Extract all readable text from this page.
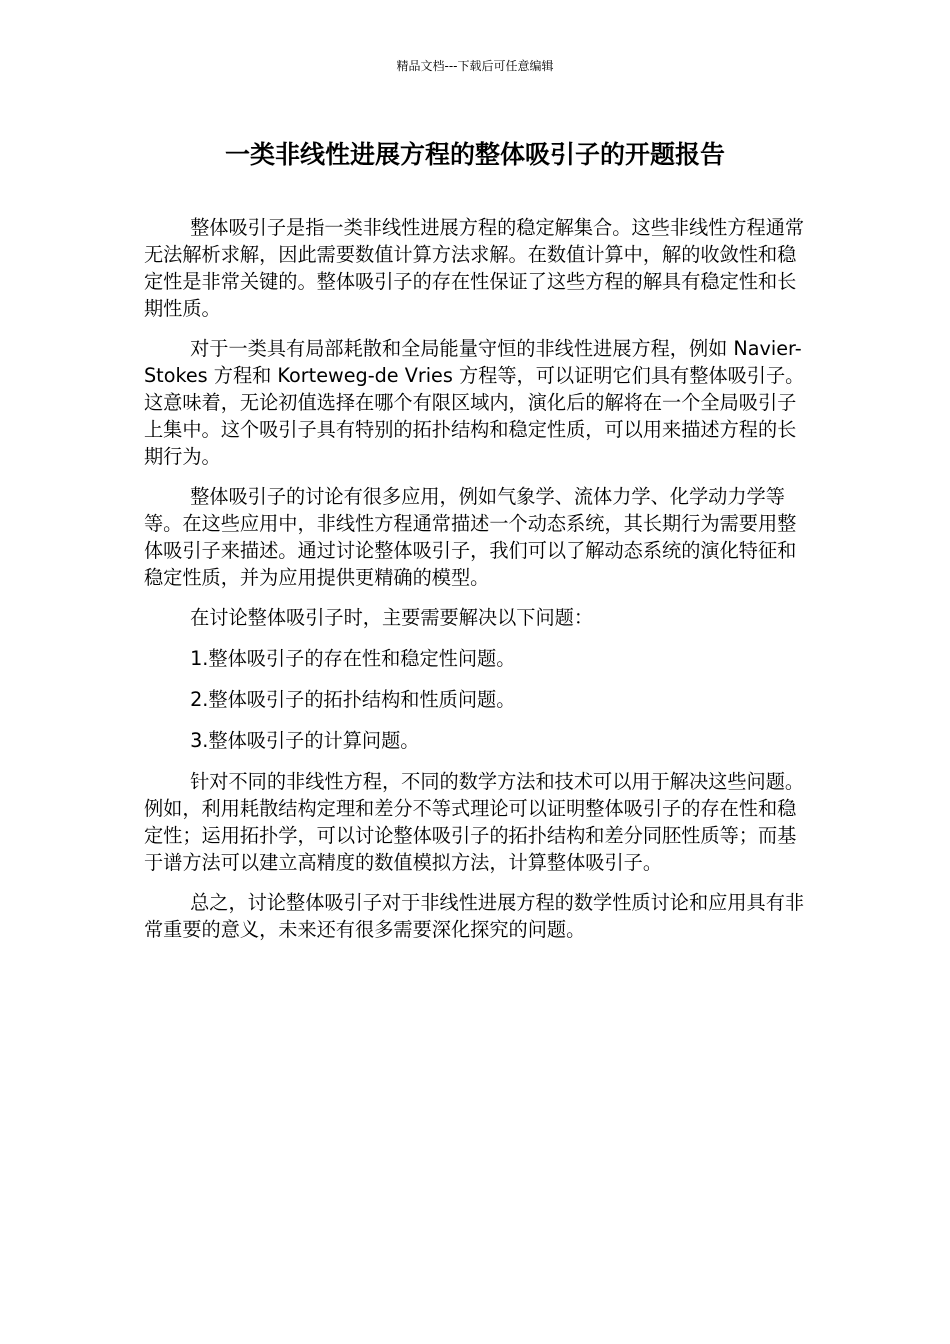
精品文档---下载后可任意编辑
一类非线性进展方程的整体吸引子的开题报告

整体吸引子是指一类非线性进展方程的稳定解集合。这些非线性方程通常无法解析求解，因此需要数值计算方法求解。在数值计算中，解的收敛性和稳定性是非常关键的。整体吸引子的存在性保证了这些方程的解具有稳定性和长期性质。

对于一类具有局部耗散和全局能量守恒的非线性进展方程，例如 Navier-Stokes 方程和 Korteweg-de Vries 方程等，可以证明它们具有整体吸引子。这意味着，无论初值选择在哪个有限区域内，演化后的解将在一个全局吸引子上集中。这个吸引子具有特别的拓扑结构和稳定性质，可以用来描述方程的长期行为。

整体吸引子的讨论有很多应用，例如气象学、流体力学、化学动力学等等。在这些应用中，非线性方程通常描述一个动态系统，其长期行为需要用整体吸引子来描述。通过讨论整体吸引子，我们可以了解动态系统的演化特征和稳定性质，并为应用提供更精确的模型。

在讨论整体吸引子时，主要需要解决以下问题：

1.整体吸引子的存在性和稳定性问题。

2.整体吸引子的拓扑结构和性质问题。

3.整体吸引子的计算问题。

针对不同的非线性方程，不同的数学方法和技术可以用于解决这些问题。例如，利用耗散结构定理和差分不等式理论可以证明整体吸引子的存在性和稳定性；运用拓扑学，可以讨论整体吸引子的拓扑结构和差分同胚性质等；而基于谱方法可以建立高精度的数值模拟方法，计算整体吸引子。

总之，讨论整体吸引子对于非线性进展方程的数学性质讨论和应用具有非常重要的意义，未来还有很多需要深化探究的问题。
